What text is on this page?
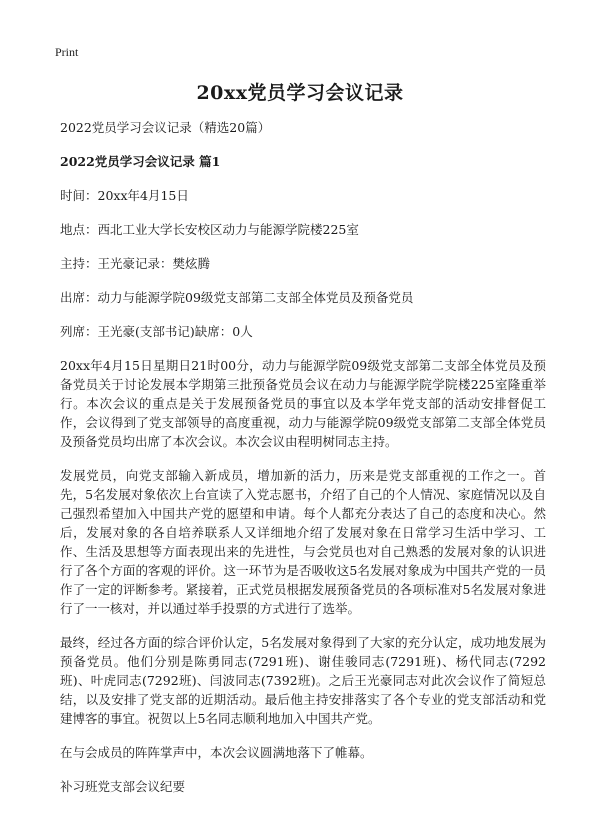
Print
20xx党员学习会议记录

2022党员学习会议记录（精选20篇）

2022党员学习会议记录 篇1

时间：20xx年4月15日

地点：西北工业大学长安校区动力与能源学院楼225室

主持：王光豪记录：樊炫腾

出席：动力与能源学院09级党支部第二支部全体党员及预备党员

列席：王光豪(支部书记)缺席：0人

20xx年4月15日星期日21时00分，动力与能源学院09级党支部第二支部全体党员及预备党员关于讨论发展本学期第三批预备党员会议在动力与能源学院学院楼225室隆重举行。本次会议的重点是关于发展预备党员的事宜以及本学年党支部的活动安排督促工作，会议得到了党支部领导的高度重视，动力与能源学院09级党支部第二支部全体党员及预备党员均出席了本次会议。本次会议由程明树同志主持。

发展党员，向党支部输入新成员，增加新的活力，历来是党支部重视的工作之一。首先，5名发展对象依次上台宣读了入党志愿书，介绍了自己的个人情况、家庭情况以及自己强烈希望加入中国共产党的愿望和申请。每个人都充分表达了自己的态度和决心。然后，发展对象的各自培养联系人又详细地介绍了发展对象在日常学习生活中学习、工作、生活及思想等方面表现出来的先进性，与会党员也对自己熟悉的发展对象的认识进行了各个方面的客观的评价。这一环节为是否吸收这5名发展对象成为中国共产党的一员作了一定的评断参考。紧接着，正式党员根据发展预备党员的各项标准对5名发展对象进行了一一核对，并以通过举手投票的方式进行了选举。

最终，经过各方面的综合评价认定，5名发展对象得到了大家的充分认定，成功地发展为预备党员。他们分别是陈勇同志(7291班)、谢佳骏同志(7291班)、杨代同志(7292班)、叶虎同志(7292班)、闫波同志(7392班)。之后王光豪同志对此次会议作了简短总结，以及安排了党支部的近期活动。最后他主持安排落实了各个专业的党支部活动和党建博客的事宜。祝贺以上5名同志顺利地加入中国共产党。

在与会成员的阵阵掌声中，本次会议圆满地落下了帷幕。

补习班党支部会议纪要
